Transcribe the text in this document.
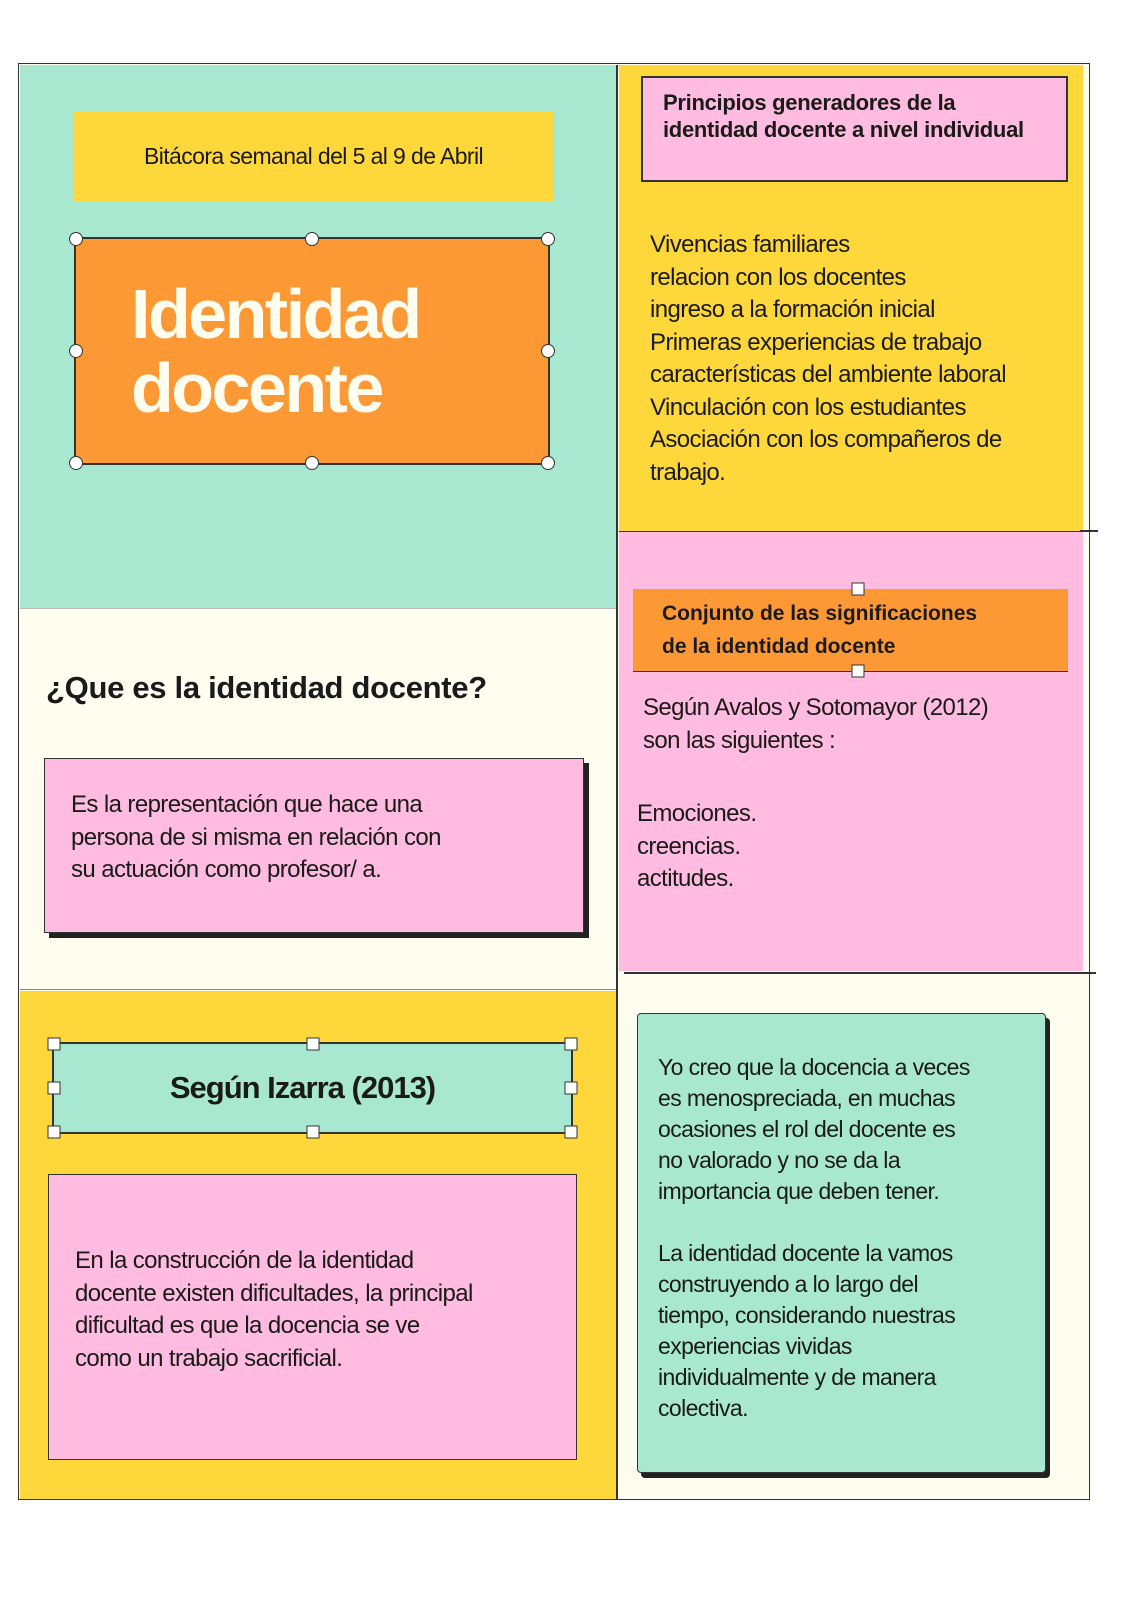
Bitácora semanal del 5 al 9 de Abril
Identidad
docente
Principios generadores de la identidad docente a nivel individual
Vivencias familiares
relacion con los docentes
ingreso a la formación inicial
Primeras experiencias de trabajo
características del ambiente laboral
Vinculación con los estudiantes
Asociación con los compañeros de
trabajo.
¿Que es la identidad docente?
Es la representación que hace una
persona de si misma en relación con
su actuación como profesor/ a.
Conjunto de las significaciones
de la identidad docente
Según Avalos y Sotomayor (2012)
son las siguientes :
Emociones.
creencias.
actitudes.
Según Izarra (2013)
En la construcción de la identidad
docente existen dificultades, la principal
dificultad es que la docencia se ve
como un trabajo sacrificial.
Yo creo que la docencia a veces
es menospreciada, en muchas
ocasiones el rol del docente es
no valorado y no se da la
importancia que deben tener.
La identidad docente la vamos
construyendo a lo largo del
tiempo, considerando nuestras
experiencias vividas
individualmente y de manera
colectiva.
